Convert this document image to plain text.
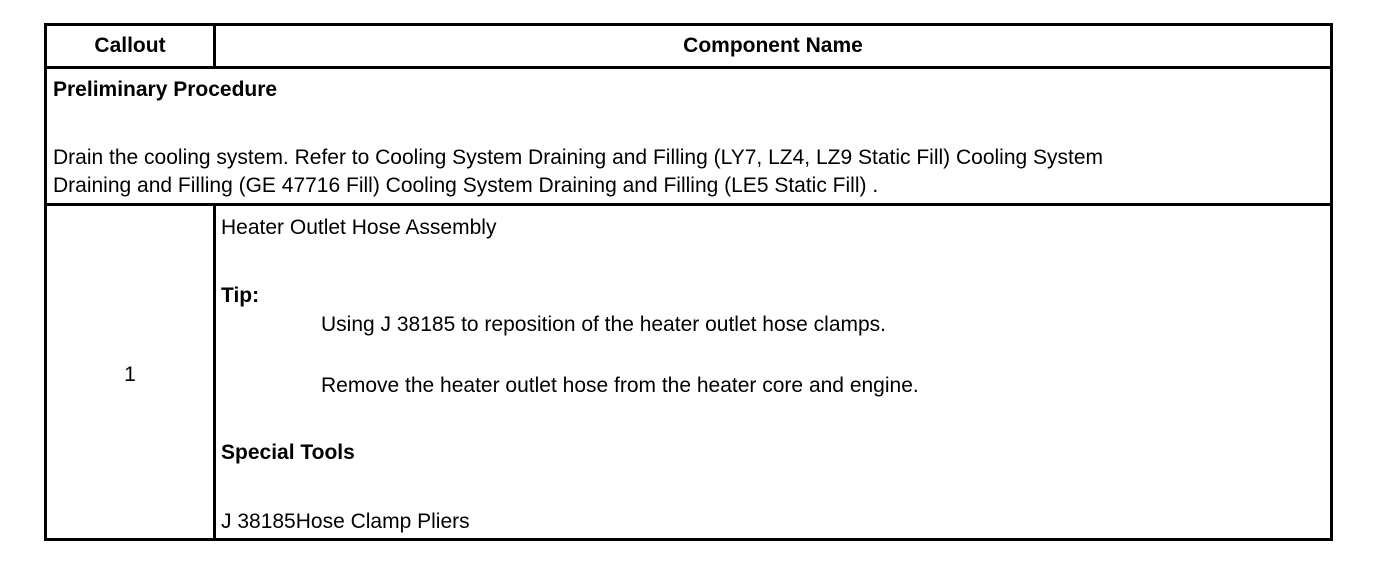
Callout	Component Name
Preliminary Procedure
Drain the cooling system. Refer to Cooling System Draining and Filling (LY7, LZ4, LZ9 Static Fill) Cooling System
Draining and Filling (GE 47716 Fill) Cooling System Draining and Filling (LE5 Static Fill) .
1
Heater Outlet Hose Assembly
Tip:
Using J 38185 to reposition of the heater outlet hose clamps.
Remove the heater outlet hose from the heater core and engine.
Special Tools
J 38185Hose Clamp Pliers
